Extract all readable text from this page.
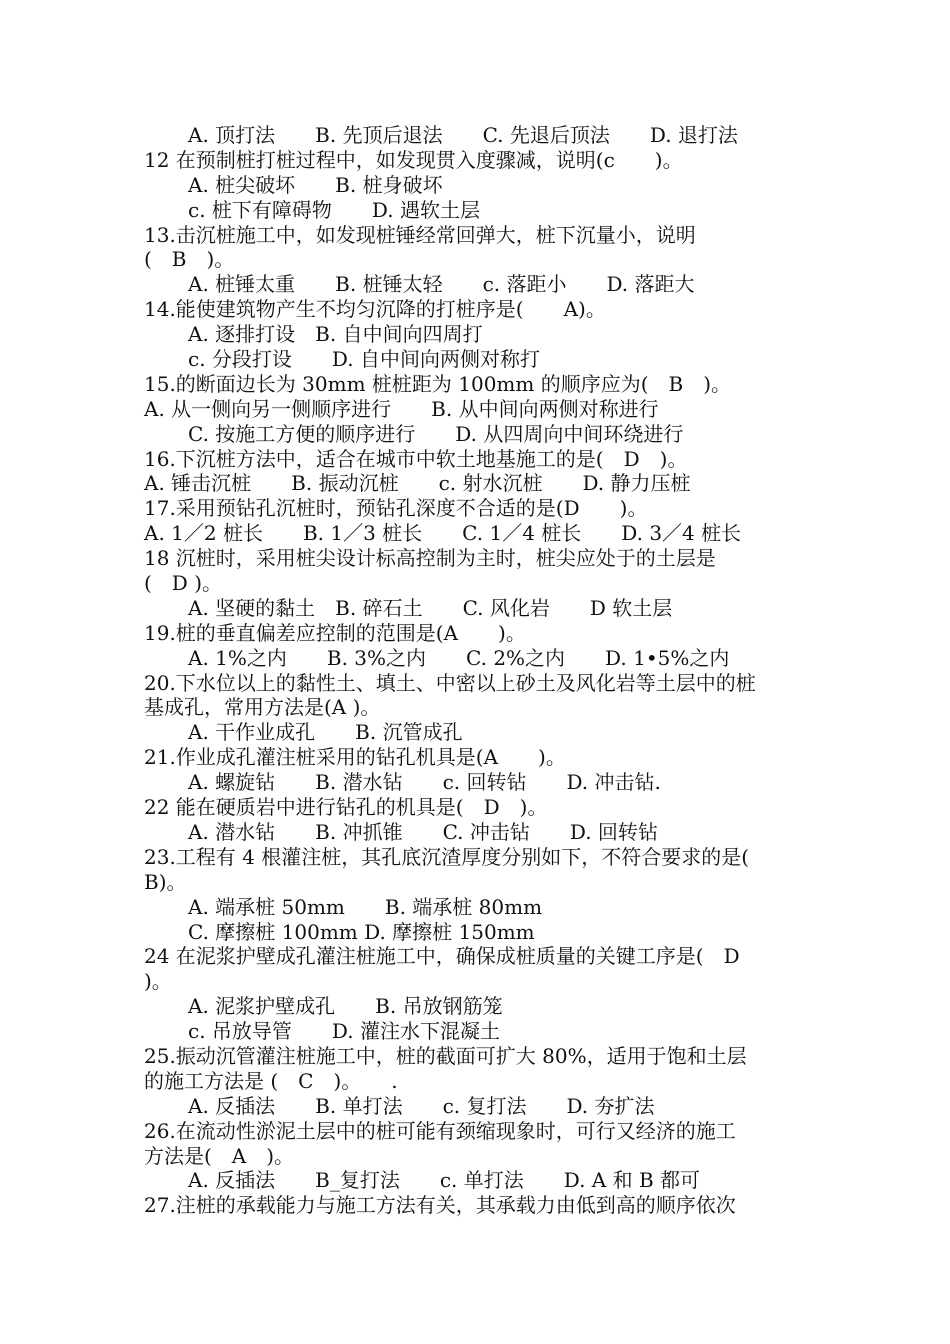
A. 顶打法　　B. 先顶后退法　　C. 先退后顶法　　D. 退打法
12 在预制桩打桩过程中，如发现贯入度骤减，说明(c　　)。
A. 桩尖破坏　　B. 桩身破坏
c. 桩下有障碍物　　D. 遇软土层
13.击沉桩施工中，如发现桩锤经常回弹大，桩下沉量小，说明
(　B　)。
A. 桩锤太重　　B. 桩锤太轻　　c. 落距小　　D. 落距大
14.能使建筑物产生不均匀沉降的打桩序是(　　A)。
A. 逐排打设　B. 自中间向四周打
c. 分段打设　　D. 自中间向两侧对称打
15.的断面边长为 30mm 桩桩距为 100mm 的顺序应为(　B　)。
A. 从一侧向另一侧顺序进行　　B. 从中间向两侧对称进行
C. 按施工方便的顺序进行　　D. 从四周向中间环绕进行
16.下沉桩方法中，适合在城市中软土地基施工的是(　D　)。
A. 锤击沉桩　　B. 振动沉桩　　c. 射水沉桩　　D. 静力压桩
17.采用预钻孔沉桩时，预钻孔深度不合适的是(D　　)。
A. 1／2 桩长　　B. 1／3 桩长　　C. 1／4 桩长　　D. 3／4 桩长
18 沉桩时，采用桩尖设计标高控制为主时，桩尖应处于的土层是
(　D )。
A. 坚硬的黏土　B. 碎石土　　C. 风化岩　　D 软土层
19.桩的垂直偏差应控制的范围是(A　　)。
A. 1%之内　　B. 3%之内　　C. 2%之内　　D. 1•5%之内
20.下水位以上的黏性土、填土、中密以上砂土及风化岩等土层中的桩
基成孔，常用方法是(A )。
A. 干作业成孔　　B. 沉管成孔
21.作业成孔灌注桩采用的钻孔机具是(A　　)。
A. 螺旋钻　　B. 潜水钻　　c. 回转钻　　D. 冲击钻.
22 能在硬质岩中进行钻孔的机具是(　D　)。
A. 潜水钻　　B. 冲抓锥　　C. 冲击钻　　D. 回转钻
23.工程有 4 根灌注桩，其孔底沉渣厚度分别如下，不符合要求的是(
B)。
A. 端承桩 50mm　　B. 端承桩 80mm
C. 摩擦桩 100mm D. 摩擦桩 150mm
24 在泥浆护壁成孔灌注桩施工中，确保成桩质量的关键工序是(　D
)。
A. 泥浆护壁成孔　　B. 吊放钢筋笼
c. 吊放导管　　D. 灌注水下混凝土
25.振动沉管灌注桩施工中，桩的截面可扩大 80%，适用于饱和土层
的施工方法是 (　C　)。　　.
A. 反插法　　B. 单打法　　c. 复打法　　D. 夯扩法
26.在流动性淤泥土层中的桩可能有颈缩现象时，可行又经济的施工
方法是(　A　)。
A. 反插法　　B_复打法　　c. 单打法　　D. A 和 B 都可
27.注桩的承载能力与施工方法有关，其承载力由低到高的顺序依次
